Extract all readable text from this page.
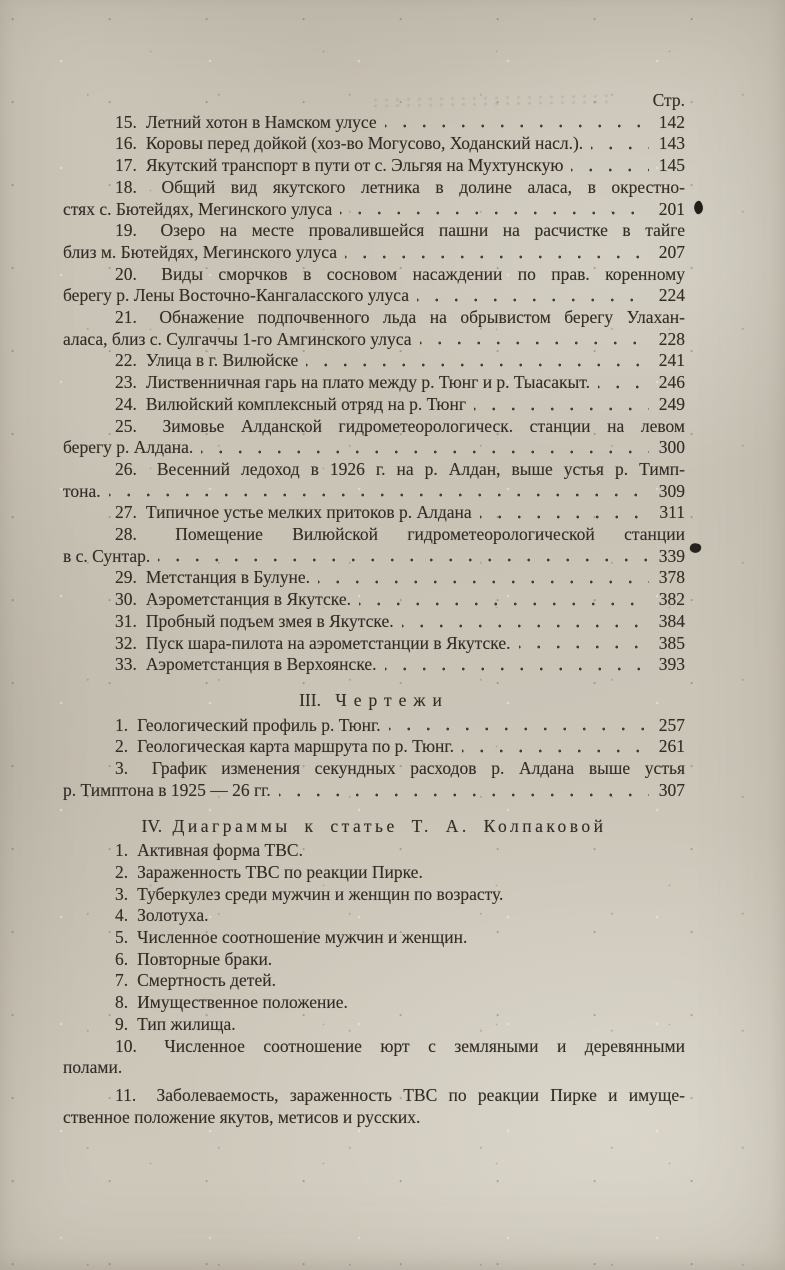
Стр.
15. Летний хотон в Намском улусе	142
16. Коровы перед дойкой (хоз-во Могусово, Ходанский насл.).	143
17. Якутский транспорт в пути от с. Эльгяя на Мухтунскую	145
18. Общий вид якутского летника в долине аласа, в окрестно-
стях с. Бютейдях, Мегинского улуса	201
19. Озеро на месте провалившейся пашни на расчистке в тайге
близ м. Бютейдях, Мегинского улуса	207
20. Виды сморчков в сосновом насаждении по прав. коренному
берегу р. Лены Восточно-Кангаласского улуса	224
21. Обнажение подпочвенного льда на обрывистом берегу Улахан-
аласа, близ с. Сулгаччы 1-го Амгинского улуса	228
22. Улица в г. Вилюйске	241
23. Лиственничная гарь на плато между р. Тюнг и р. Тыасакыт.	246
24. Вилюйский комплексный отряд на р. Тюнг	249
25. Зимовье Алданской гидрометеорологическ. станции на левом
берегу р. Алдана.	300
26. Весенний ледоход в 1926 г. на р. Алдан, выше устья р. Тимп-
тона.	309
27. Типичное устье мелких притоков р. Алдана	311
28. Помещение Вилюйской гидрометеорологической станции
в с. Сунтар.	339
29. Метстанция в Булуне.	378
30. Аэрометстанция в Якутске.	382
31. Пробный подъем змея в Якутске.	384
32. Пуск шара-пилота на аэрометстанции в Якутске.	385
33. Аэрометстанция в Верхоянске.	393
III. Чертежи
1. Геологический профиль р. Тюнг.	257
2. Геологическая карта маршрута по р. Тюнг.	261
3. График изменения секундных расходов р. Алдана выше устья
р. Тимптона в 1925 — 26 гг.	307
IV. Диаграммы к статье Т. А. Колпаковой
1. Активная форма ТВС.
2. Зараженность ТВС по реакции Пирке.
3. Туберкулез среди мужчин и женщин по возрасту.
4. Золотуха.
5. Численное соотношение мужчин и женщин.
6. Повторные браки.
7. Смертность детей.
8. Имущественное положение.
9. Тип жилища.
10. Численное соотношение юрт с земляными и деревянными
полами.
11. Заболеваемость, зараженность ТВС по реакции Пирке и имуще-
ственное положение якутов, метисов и русских.
